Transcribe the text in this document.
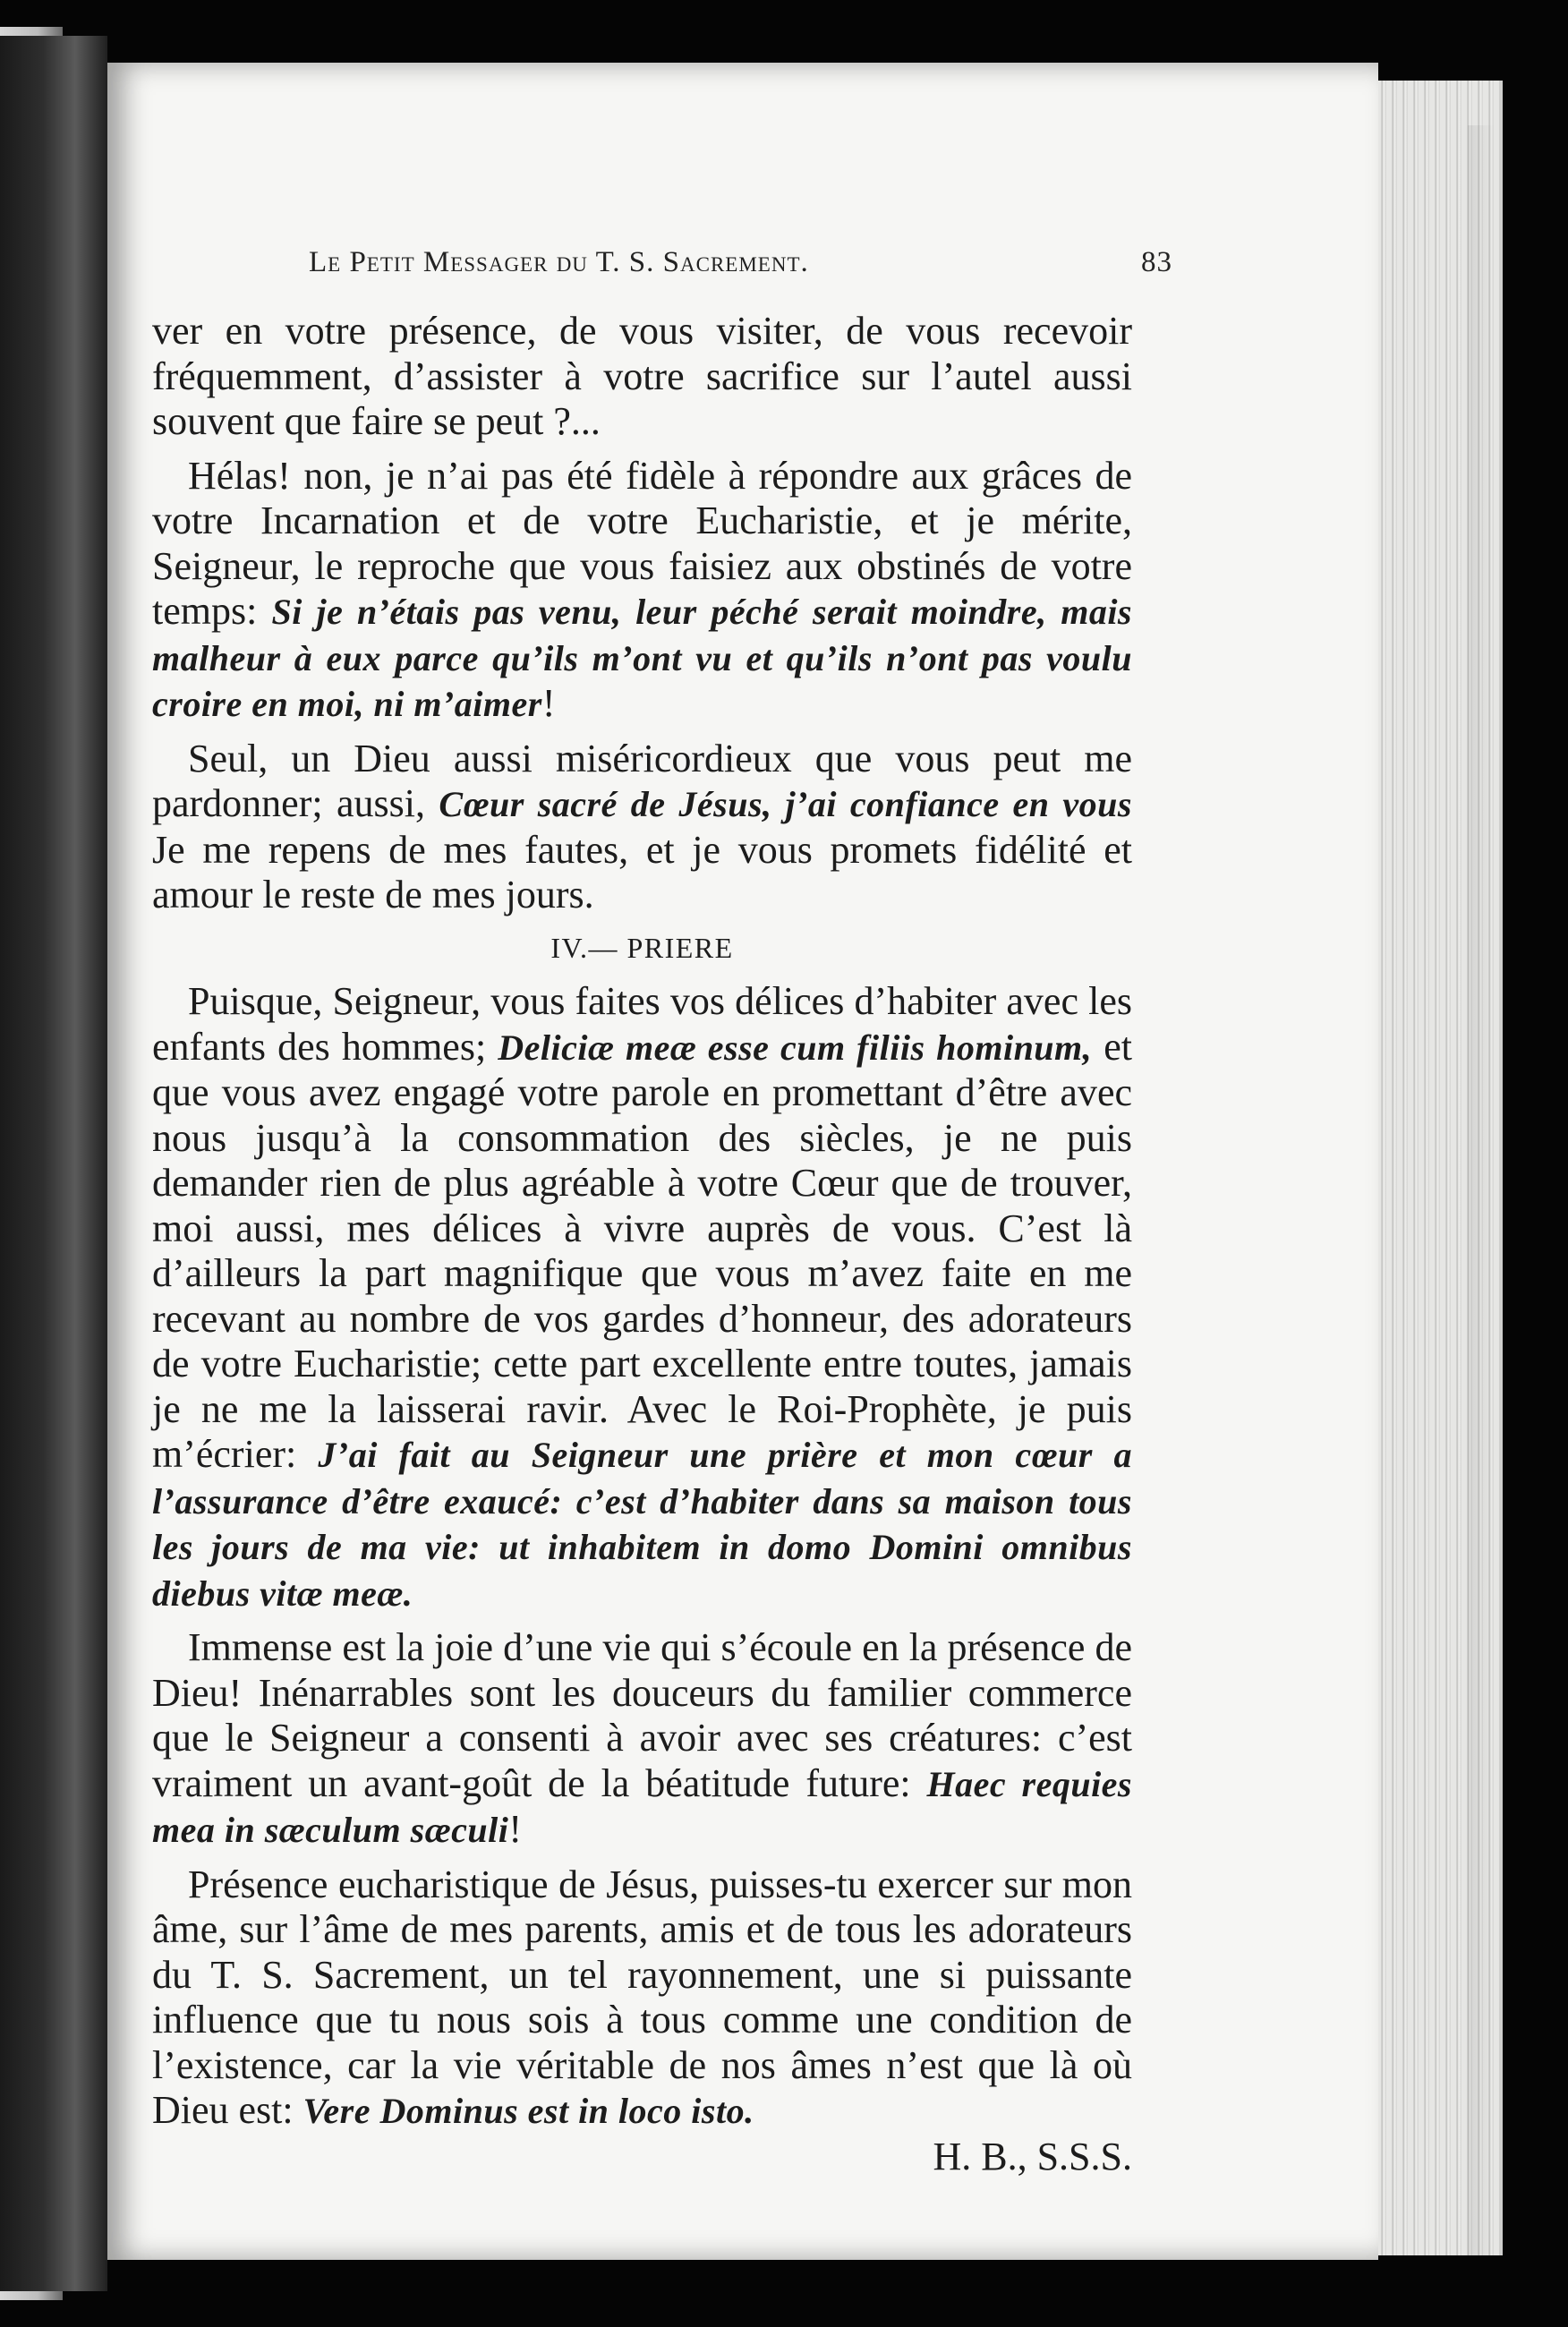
Le Petit Messager du T. S. Sacrement.	83

ver en votre présence, de vous visiter, de vous recevoir fréquemment, d’assister à votre sacrifice sur l’autel aussi souvent que faire se peut ?...

Hélas! non, je n’ai pas été fidèle à répondre aux grâces de votre Incarnation et de votre Eucharistie, et je mérite, Seigneur, le reproche que vous faisiez aux obstinés de votre temps: Si je n’étais pas venu, leur péché serait moindre, mais malheur à eux parce qu’ils m’ont vu et qu’ils n’ont pas voulu croire en moi, ni m’aimer!

Seul, un Dieu aussi miséricordieux que vous peut me pardonner; aussi, Cœur sacré de Jésus, j’ai confiance en vous Je me repens de mes fautes, et je vous promets fidélité et amour le reste de mes jours.

IV.— PRIERE

Puisque, Seigneur, vous faites vos délices d’habiter avec les enfants des hommes; Deliciæ meæ esse cum filiis hominum, et que vous avez engagé votre parole en promettant d’être avec nous jusqu’à la consommation des siècles, je ne puis demander rien de plus agréable à votre Cœur que de trouver, moi aussi, mes délices à vivre auprès de vous. C’est là d’ailleurs la part magnifique que vous m’avez faite en me recevant au nombre de vos gardes d’honneur, des adorateurs de votre Eucharistie; cette part excellente entre toutes, jamais je ne me la laisserai ravir. Avec le Roi-Prophète, je puis m’écrier: J’ai fait au Seigneur une prière et mon cœur a l’assurance d’être exaucé: c’est d’habiter dans sa maison tous les jours de ma vie: ut inhabitem in domo Domini omnibus diebus vitæ meæ.

Immense est la joie d’une vie qui s’écoule en la présence de Dieu! Inénarrables sont les douceurs du familier commerce que le Seigneur a consenti à avoir avec ses créatures: c’est vraiment un avant-goût de la béatitude future: Haec requies mea in sæculum sæculi!

Présence eucharistique de Jésus, puisses-tu exercer sur mon âme, sur l’âme de mes parents, amis et de tous les adorateurs du T. S. Sacrement, un tel rayonnement, une si puissante influence que tu nous sois à tous comme une condition de l’existence, car la vie véritable de nos âmes n’est que là où Dieu est: Vere Dominus est in loco isto.

H. B., S.S.S.
